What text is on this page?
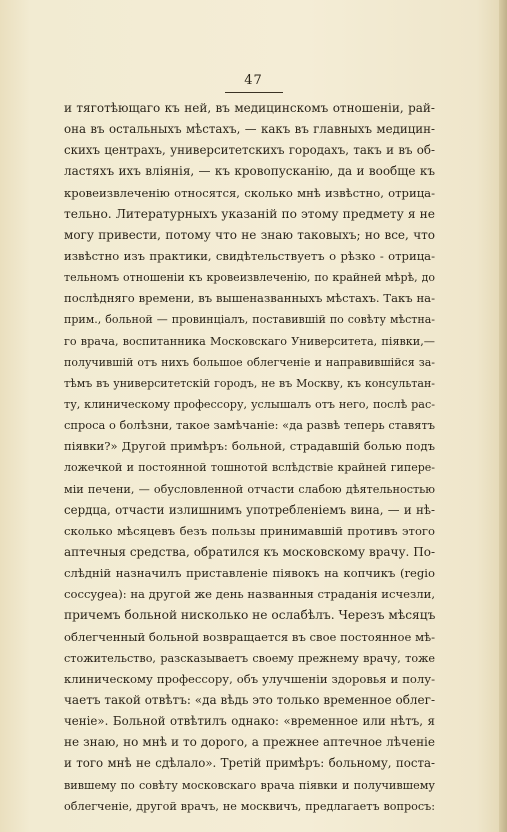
47
и тяготѣющаго къ ней, въ медицинскомъ отношеніи, рай-
она въ остальныхъ мѣстахъ, — какъ въ главныхъ медицин-
скихъ центрахъ, университетскихъ городахъ, такъ и въ об-
ластяхъ ихъ вліянія, — къ кровопусканію, да и вообще къ
кровеизвлеченію относятся, сколько мнѣ извѣстно, отрица-
тельно. Литературныхъ указаній по этому предмету я не
могу привести, потому что не знаю таковыхъ; но все, что
извѣстно изъ практики, свидѣтельствуетъ о рѣзко - отрица-
тельномъ отношеніи къ кровеизвлеченію, по крайней мѣрѣ, до
послѣдняго времени, въ вышеназванныхъ мѣстахъ. Такъ на-
прим., больной — провинціалъ, поставившій по совѣту мѣстна-
го врача, воспитанника Московскаго Университета, піявки,—
получившій отъ нихъ большое облегченіе и направившійся за-
тѣмъ въ университетскій городъ, не въ Москву, къ консультан-
ту, клиническому профессору, услышалъ отъ него, послѣ рас-
спроса о болѣзни, такое замѣчаніе: «да развѣ теперь ставятъ
піявки?» Другой примѣръ: больной, страдавшій болью подъ
ложечкой и постоянной тошнотой вслѣдствіе крайней гипере-
міи печени, — обусловленной отчасти слабою дѣятельностью
сердца, отчасти излишнимъ употребленіемъ вина, — и нѣ-
сколько мѣсяцевъ безъ пользы принимавшій противъ этого
аптечныя средства, обратился къ московскому врачу. По-
слѣдній назначилъ приставленіе піявокъ на копчикъ (regio
coccygea): на другой же день названныя страданія исчезли,
причемъ больной нисколько не ослабѣлъ. Черезъ мѣсяцъ
облегченный больной возвращается въ свое постоянное мѣ-
стожительство, разсказываетъ своему прежнему врачу, тоже
клиническому профессору, объ улучшеніи здоровья и полу-
чаетъ такой отвѣтъ: «да вѣдь это только временное облег-
ченіе». Больной отвѣтилъ однако: «временное или нѣтъ, я
не знаю, но мнѣ и то дорого, а прежнее аптечное лѣченіе
и того мнѣ не сдѣлало». Третій примѣръ: больному, поста-
вившему по совѣту московскаго врача піявки и получившему
облегченіе, другой врачъ, не москвичъ, предлагаетъ вопросъ:
